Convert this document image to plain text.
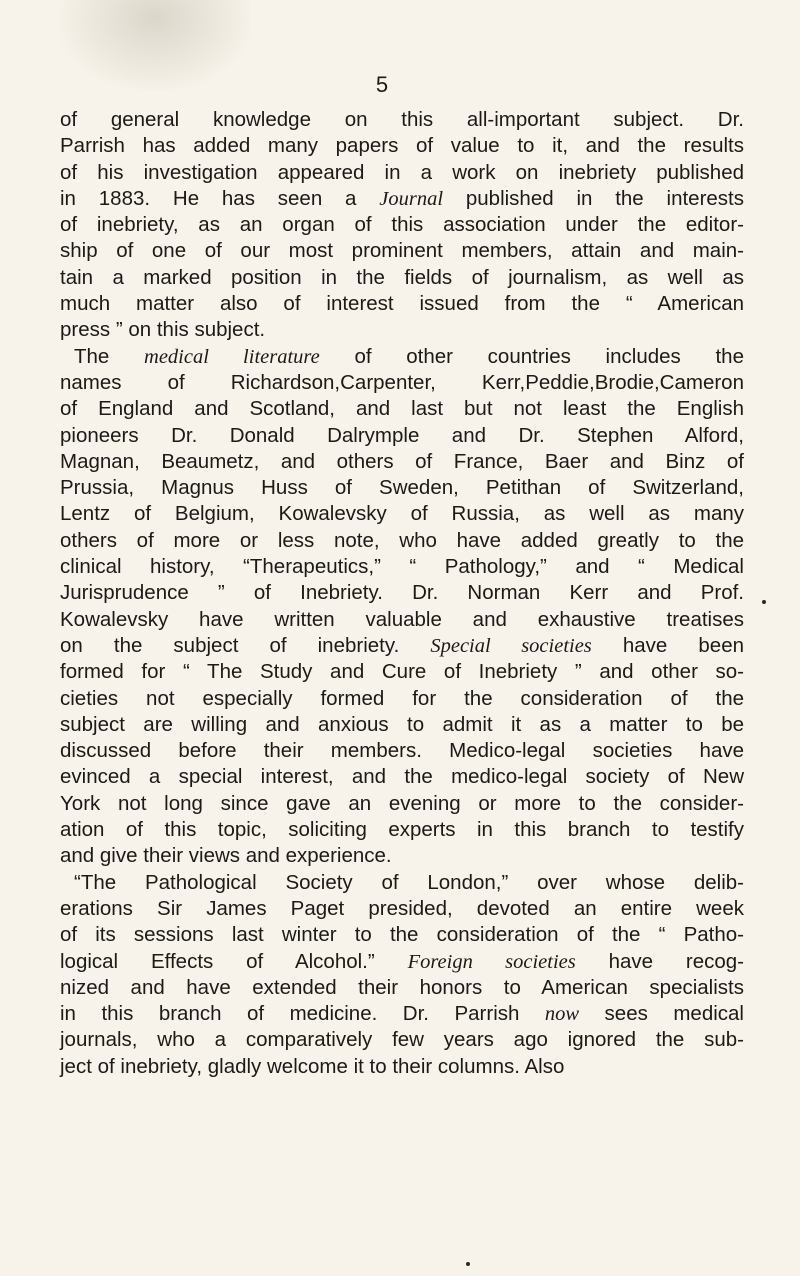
5
of general knowledge on this all-important subject. Dr.
Parrish has added many papers of value to it, and the results
of his investigation appeared in a work on inebriety published
in 1883. He has seen a Journal published in the interests
of inebriety, as an organ of this association under the editor-
ship of one of our most prominent members, attain and main-
tain a marked position in the fields of journalism, as well as
much matter also of interest issued from the “ American
press ” on this subject.
The medical literature of other countries includes the
names of Richardson,Carpenter, Kerr,Peddie,Brodie,Cameron
of England and Scotland, and last but not least the English
pioneers Dr. Donald Dalrymple and Dr. Stephen Alford,
Magnan, Beaumetz, and others of France, Baer and Binz of
Prussia, Magnus Huss of Sweden, Petithan of Switzerland,
Lentz of Belgium, Kowalevsky of Russia, as well as many
others of more or less note, who have added greatly to the
clinical history, “Therapeutics,” “ Pathology,” and “ Medical
Jurisprudence ” of Inebriety. Dr. Norman Kerr and Prof.
Kowalevsky have written valuable and exhaustive treatises
on the subject of inebriety. Special societies have been
formed for “ The Study and Cure of Inebriety ” and other so-
cieties not especially formed for the consideration of the
subject are willing and anxious to admit it as a matter to be
discussed before their members. Medico-legal societies have
evinced a special interest, and the medico-legal society of New
York not long since gave an evening or more to the consider-
ation of this topic, soliciting experts in this branch to testify
and give their views and experience.
“The Pathological Society of London,” over whose delib-
erations Sir James Paget presided, devoted an entire week
of its sessions last winter to the consideration of the “ Patho-
logical Effects of Alcohol.” Foreign societies have recog-
nized and have extended their honors to American specialists
in this branch of medicine. Dr. Parrish now sees medical
journals, who a comparatively few years ago ignored the sub-
ject of inebriety, gladly welcome it to their columns. Also
